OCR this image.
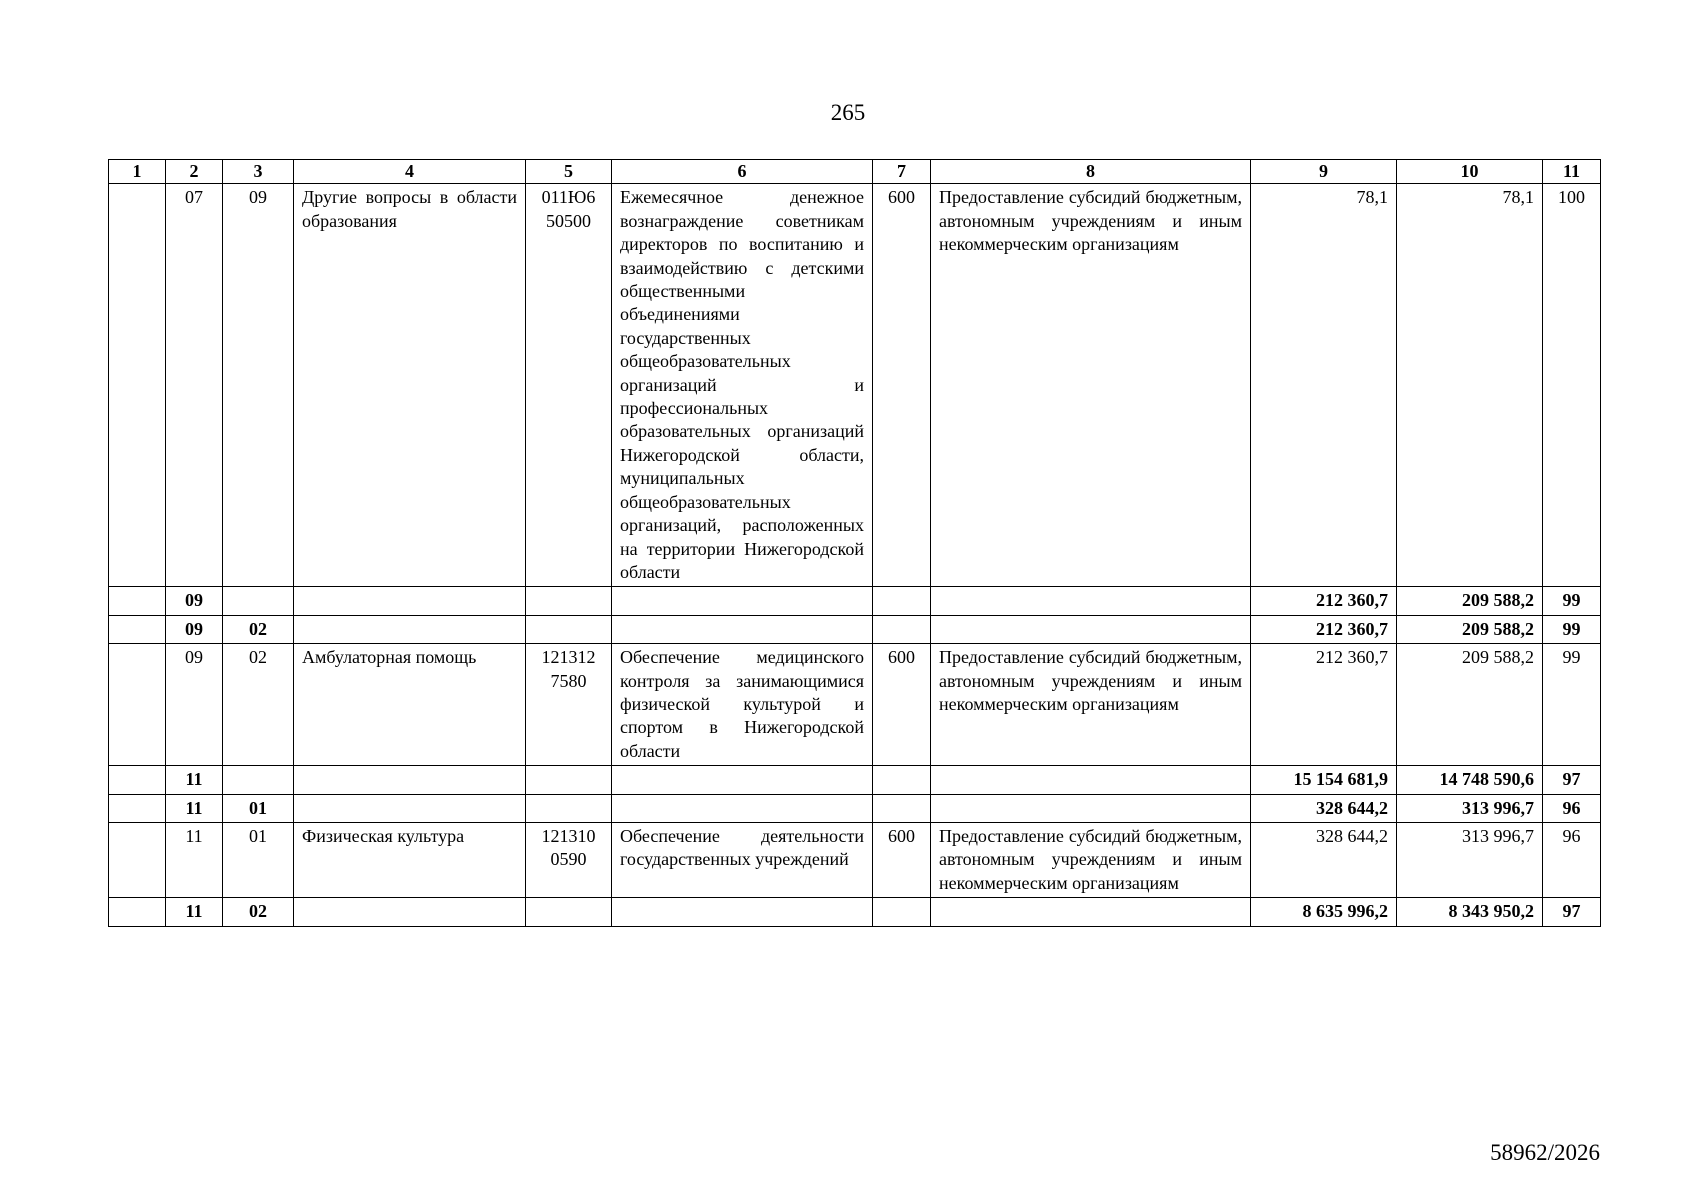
265
1	2	3	4	5	6	7	8	9	10	11
	07	09	Другие вопросы в области образования	011Ю6 50500	Ежемесячное денежное вознаграждение советникам директоров по воспитанию и взаимодействию с детскими общественными объединениями государственных общеобразовательных организаций и профессиональных образовательных организаций Нижегородской области, муниципальных общеобразовательных организаций, расположенных на территории Нижегородской области	600	Предоставление субсидий бюджетным, автономным учреждениям и иным некоммерческим организациям	78,1	78,1	100
	09							212 360,7	209 588,2	99
	09	02						212 360,7	209 588,2	99
	09	02	Амбулаторная помощь	121312 7580	Обеспечение медицинского контроля за занимающимися физической культурой и спортом в Нижегородской области	600	Предоставление субсидий бюджетным, автономным учреждениям и иным некоммерческим организациям	212 360,7	209 588,2	99
	11							15 154 681,9	14 748 590,6	97
	11	01						328 644,2	313 996,7	96
	11	01	Физическая культура	121310 0590	Обеспечение деятельности государственных учреждений	600	Предоставление субсидий бюджетным, автономным учреждениям и иным некоммерческим организациям	328 644,2	313 996,7	96
	11	02						8 635 996,2	8 343 950,2	97
58962/2026
